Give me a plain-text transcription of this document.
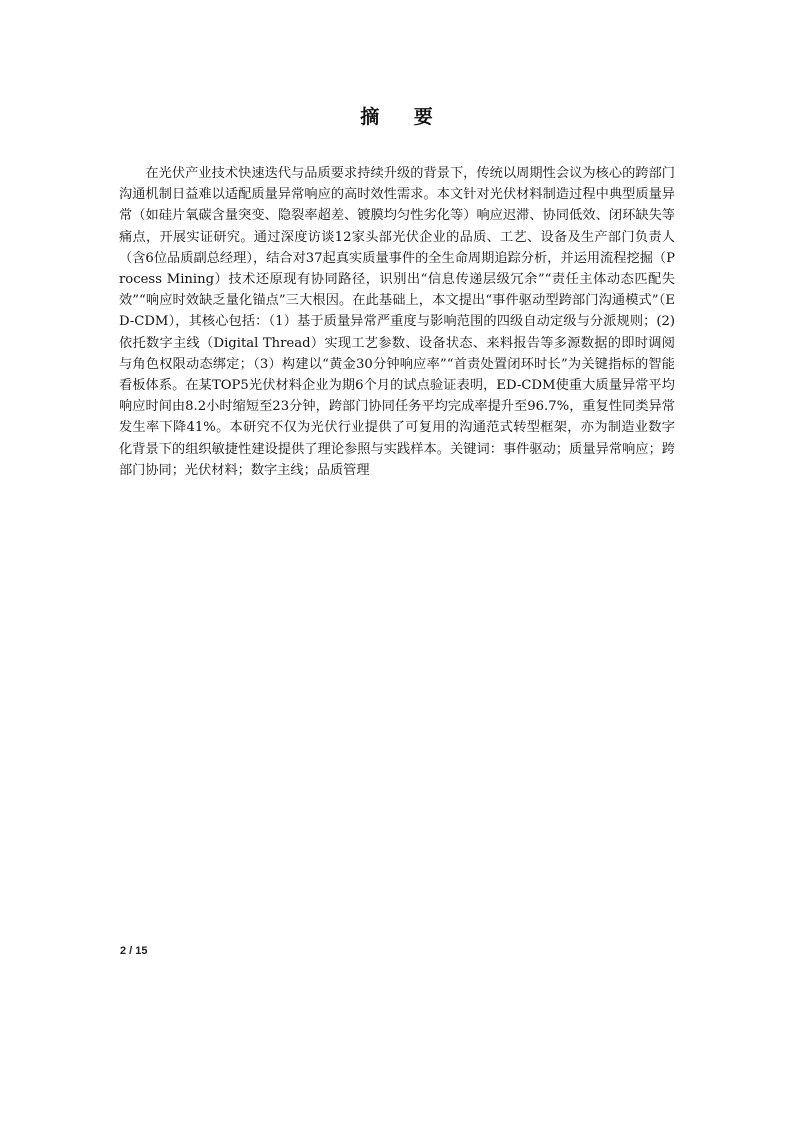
摘 要

在光伏产业技术快速迭代与品质要求持续升级的背景下，传统以周期性会议为核心的跨部门沟通机制日益难以适配质量异常响应的高时效性需求。本文针对光伏材料制造过程中典型质量异常（如硅片氧碳含量突变、隐裂率超差、镀膜均匀性劣化等）响应迟滞、协同低效、闭环缺失等痛点，开展实证研究。通过深度访谈12家头部光伏企业的品质、工艺、设备及生产部门负责人（含6位品质副总经理），结合对37起真实质量事件的全生命周期追踪分析，并运用流程挖掘（Process Mining）技术还原现有协同路径，识别出“信息传递层级冗余”“责任主体动态匹配失效”“响应时效缺乏量化锚点”三大根因。在此基础上，本文提出“事件驱动型跨部门沟通模式”（ED-CDM），其核心包括：（1）基于质量异常严重度与影响范围的四级自动定级与分派规则；(2)依托数字主线（Digital Thread）实现工艺参数、设备状态、来料报告等多源数据的即时调阅与角色权限动态绑定；（3）构建以“黄金30分钟响应率”“首责处置闭环时长”为关键指标的智能看板体系。在某TOP5光伏材料企业为期6个月的试点验证表明，ED-CDM使重大质量异常平均响应时间由8.2小时缩短至23分钟，跨部门协同任务平均完成率提升至96.7%，重复性同类异常发生率下降41%。本研究不仅为光伏行业提供了可复用的沟通范式转型框架，亦为制造业数字化背景下的组织敏捷性建设提供了理论参照与实践样本。关键词：事件驱动；质量异常响应；跨部门协同；光伏材料；数字主线；品质管理

2 / 15
